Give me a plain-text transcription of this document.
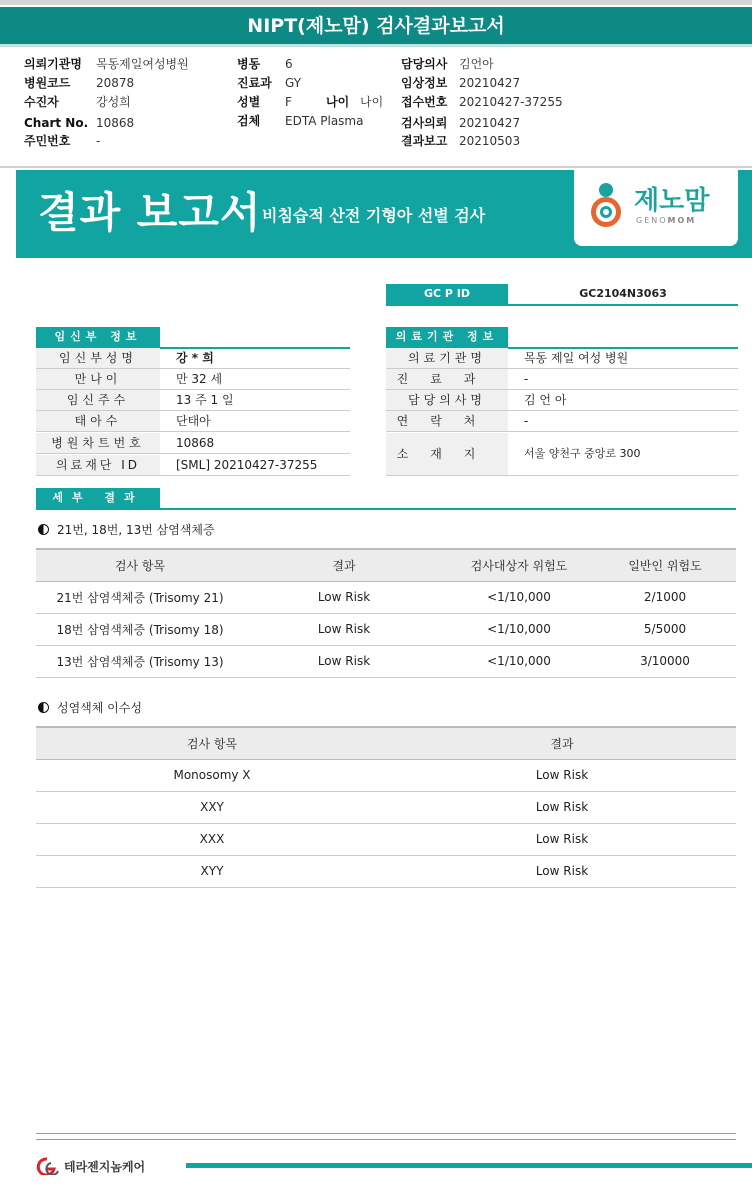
NIPT(제노맘) 검사결과보고서
의뢰기관명 목동제일여성병원
병원코드 20878
수진자	강성희
Chart No. 10868
주민번호 -
병동 6
진료과 GY
성별 F	나이 나이
검체 EDTA Plasma
담당의사 김언아
임상정보 20210427
접수번호 20210427-37255
검사의뢰 20210427
결과보고 20210503
결과 보고서 비침습적 산전 기형아 선별 검사	제노맘
GENOMOM
GC P ID	GC2104N3063
임신부 정보
임신부성명	강 * 희
만나이	만 32 세
임신주수	13 주 1 일
태아수	단태아
병원차트번호	10868
의료재단 ID	[SML] 20210427-37255
의료기관 정보
의료기관명	목동 제일 여성 병원
진료과	-
담당의사명	김 언 아
연락처	-
소재지	서울 양천구 중앙로 300
세부 결과
21번, 18번, 13번 삼염색체증
검사 항목	결과	검사대상자 위험도	일반인 위험도
21번 삼염색체증 (Trisomy 21)	Low Risk	<1/10,000	2/1000
18번 삼염색체증 (Trisomy 18)	Low Risk	<1/10,000	5/5000
13번 삼염색체증 (Trisomy 13)	Low Risk	<1/10,000	3/10000
성염색체 이수성
검사 항목	결과
Monosomy X	Low Risk
XXY	Low Risk
XXX	Low Risk
XYY	Low Risk
테라젠지놈케어
